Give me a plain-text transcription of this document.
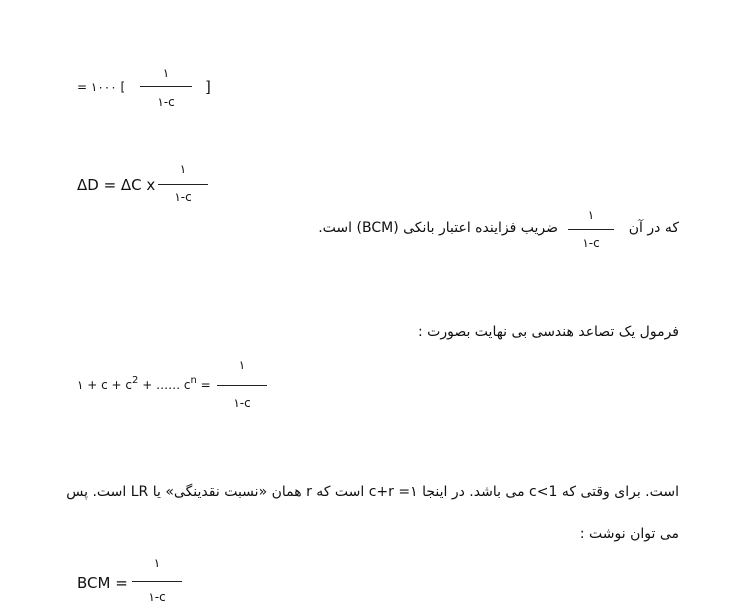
= ۱۰۰۰ [
۱
۱-c
]
ΔD = ΔC x
۱
۱-c
که در آن
۱
۱-c
ضریب فزاینده اعتبار بانکی (BCM) است.
فرمول یک تصاعد هندسی بی نهایت بصورت :
۱ + $c + c^2$ + …… $c^n$ =
۱
۱-c
است. برای وقتی که c<1 می باشد. در اینجا ۱= c+r است که r همان «نسبت نقدینگی» یا LR است. پس
می توان نوشت :
BCM =
۱
۱-c
